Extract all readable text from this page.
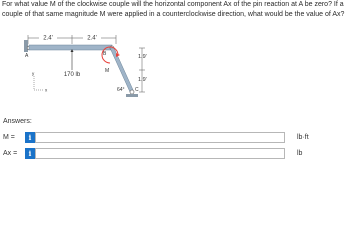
For what value M of the clockwise couple will the horizontal component Ax of the pin reaction at A be zero? If a couple of that same magnitude M were applied in a counterclockwise direction, what would be the value of Ax?
2.4'	2.4'
A
170 lb
y
x
B
M
1.9'
1.9'
C
64°
Answers:
M =	i	lb·ft
Ax =	i	lb
